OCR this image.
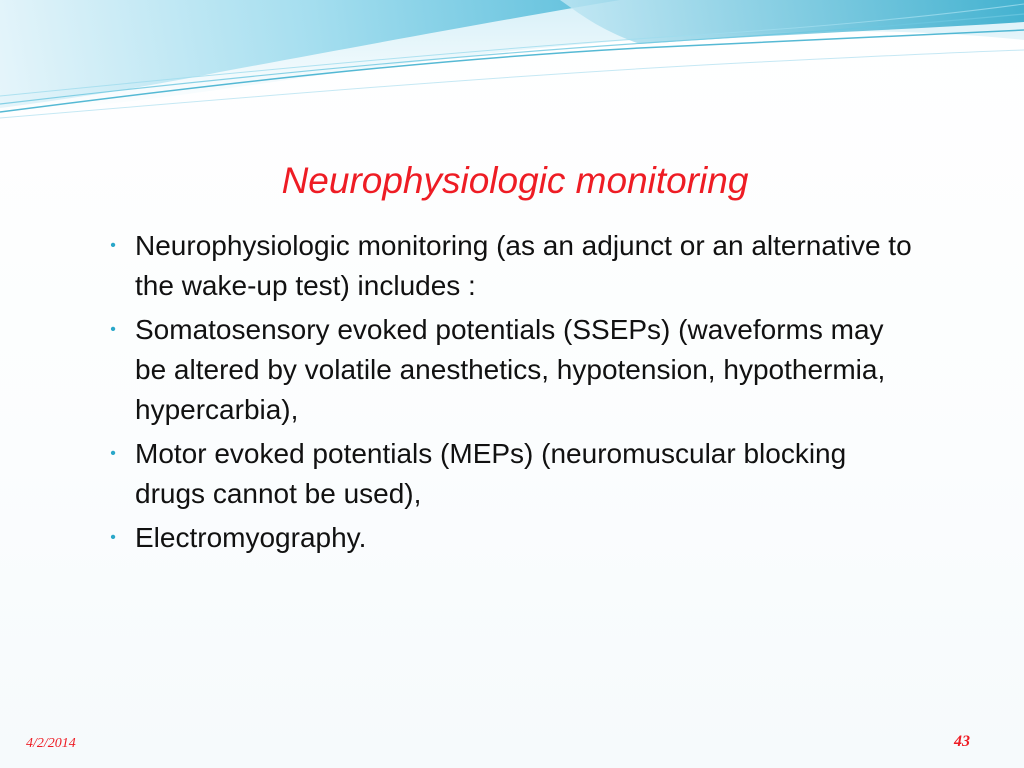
Neurophysiologic monitoring
• Neurophysiologic monitoring (as an adjunct or an alternative to the wake-up test) includes :
• Somatosensory evoked potentials (SSEPs) (waveforms may be altered by volatile anesthetics, hypotension, hypothermia, hypercarbia),
• Motor evoked potentials (MEPs) (neuromuscular blocking drugs cannot be used),
• Electromyography.
4/2/2014	43
